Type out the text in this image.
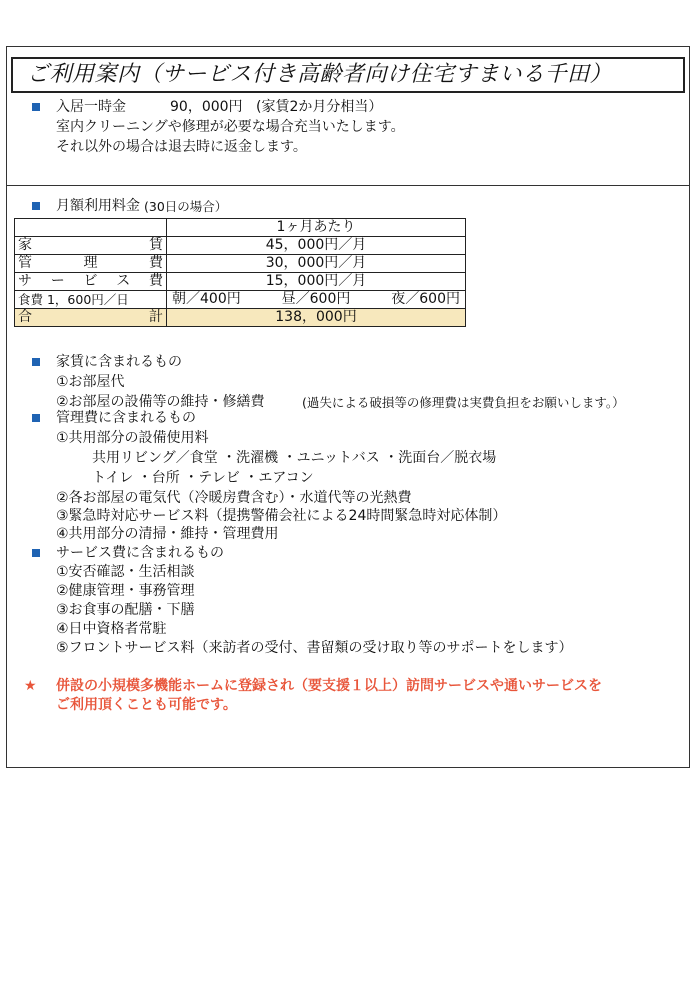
ご利用案内（サービス付き高齢者向け住宅すまいる千田）
入居一時金	90，000円 (家賃2か月分相当）
室内クリーニングや修理が必要な場合充当いたします。
それ以外の場合は退去時に返金します。
月額利用料金 (30日の場合）
	1ヶ月あたり
家賃	45，000円／月
管理費	30，000円／月
サービス費	15，000円／月
食費 1，600円／日	朝／400円 昼／600円 夜／600円

合計	138，000円
家賃に含まれるもの
①お部屋代
②お部屋の設備等の維持・修繕費	(過失による破損等の修理費は実費負担をお願いします。）
管理費に含まれるもの
①共用部分の設備使用料
共用リビング／食堂 ・洗濯機 ・ユニットバス ・洗面台／脱衣場
トイレ ・台所 ・テレビ ・エアコン
②各お部屋の電気代（冷暖房費含む）・水道代等の光熱費
③緊急時対応サービス料（提携警備会社による24時間緊急時対応体制）
④共用部分の清掃・維持・管理費用
サービス費に含まれるもの
①安否確認・生活相談
②健康管理・事務管理
③お食事の配膳・下膳
④日中資格者常駐
⑤フロントサービス料（来訪者の受付、書留類の受け取り等のサポートをします）
★ 併設の小規模多機能ホームに登録され（要支援１以上）訪問サービスや通いサービスを
ご利用頂くことも可能です。
